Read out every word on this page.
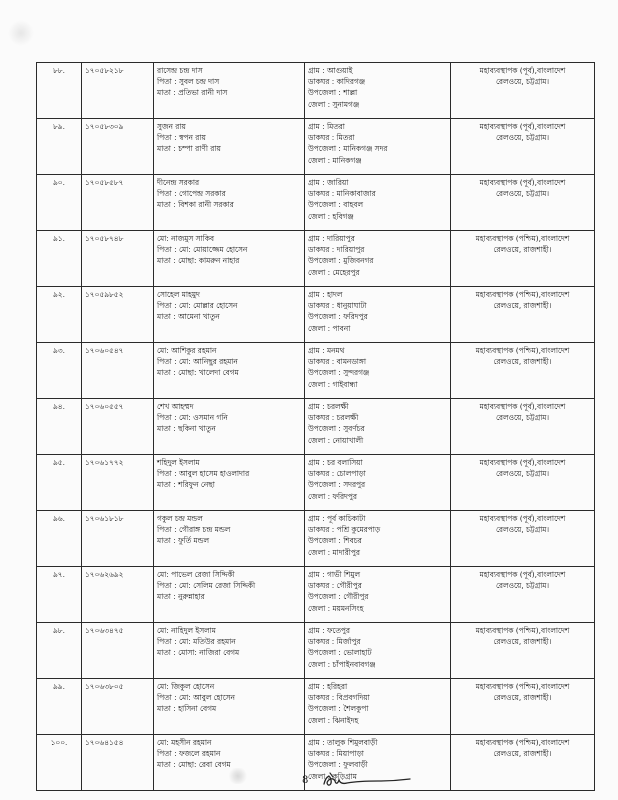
৮৮.	১৭০৫৮২১৮	রাসেন্দ্র চন্দ্র দাস
পিতা : সুবল চন্দ্র দাস
মাতা : প্রতিভা রানী দাস	গ্রাম : আগুয়াই
ডাকঘর : কাদিরগঞ্জ
উপজেলা : শাল্লা
জেলা : সুনামগঞ্জ	মহাব্যবস্থাপক (পূর্ব),বাংলাদেশ
রেলওয়ে, চট্টগ্রাম।

৮৯.	১৭০৫৮৩০৯	সুজন রায়
পিতা : স্বপন রায়
মাতা : চম্পা রাণী রায়	গ্রাম : মিতরা
ডাকঘর : মিতরা
উপজেলা : মানিকগঞ্জ সদর
জেলা : মানিকগঞ্জ	মহাব্যবস্থাপক (পূর্ব),বাংলাদেশ
রেলওয়ে, চট্টগ্রাম।

৯০.	১৭০৫৮৫৮৭	দীনেন্দ্র সরকার
পিতা : গোপেন্দ্র সরকার
মাতা : বিশকা রানী সরকার	গ্রাম : জারিয়া
ডাকঘর : মানিকাবাজার
উপজেলা : বাহবল
জেলা : হবিগঞ্জ	মহাব্যবস্থাপক (পূর্ব),বাংলাদেশ
রেলওয়ে, চট্টগ্রাম।

৯১.	১৭০৫৮৭৪৮	মো: নাজমুস সাকিব
পিতা : মো: মোয়াজ্জেম হোসেন
মাতা : মোছা: কামরুন নাহার	গ্রাম : দারিয়াপুর
ডাকঘর : দারিয়াপুর
উপজেলা : মুজিবনগর
জেলা : মেহেরপুর	মহাব্যবস্থাপক (পশ্চিম),বাংলাদেশ
রেলওয়ে, রাজশাহী।

৯২.	১৭০৫৯৮৫২	সোহেল মাহমুদ
পিতা : মো: মোল্লার হোসেন
মাতা : আমেনা খাতুন	গ্রাম : হাদল
ডাকঘর : ধানুয়াঘাটা
উপজেলা : ফরিদপুর
জেলা : পাবনা	মহাব্যবস্থাপক (পশ্চিম),বাংলাদেশ
রেলওয়ে, রাজশাহী।

৯৩.	১৭০৬০৫৪৭	মো: আশিকুর রহমান
পিতা : মো: আনিছুর রহমান
মাতা : মোছা: খালেদা বেগম	গ্রাম : মনমথ
ডাকঘর : বামনডাঙ্গা
উপজেলা : সুন্দরগঞ্জ
জেলা : গাইবান্ধা	মহাব্যবস্থাপক (পশ্চিম),বাংলাদেশ
রেলওয়ে, রাজশাহী।

৯৪.	১৭০৬০৫৫৭	শেখ আহম্মদ
পিতা : মো: ওসমান গনি
মাতা : ছকিনা খাতুন	গ্রাম : চরলক্ষী
ডাকঘর : চরলক্ষী
উপজেলা : সুবর্ণচর
জেলা : নোয়াখালী	মহাব্যবস্থাপক (পূর্ব),বাংলাদেশ
রেলওয়ে, চট্টগ্রাম।

৯৫.	১৭০৬১৭৭২	শহিদুল ইসলাম
পিতা : আবুল হাসেম হাওলাদার
মাতা : শরিফুন নেছা	গ্রাম : চর বলাসিয়া
ডাকঘর : চোলপাড়া
উপজেলা : সদরপুর
জেলা : ফরিদপুর	মহাব্যবস্থাপক (পূর্ব),বাংলাদেশ
রেলওয়ে, চট্টগ্রাম।

৯৬.	১৭০৬১৮১৮	গকুল চন্দ্র মন্ডল
পিতা : গৌরাঙ্গ চন্দ্র মন্ডল
মাতা : ফুর্তি মন্ডল	গ্রাম : পূর্ব কাচিকাটা
ডাকঘর : পশ্রি কুমেরপাড়
উপজেলা : শিবচর
জেলা : মাদারীপুর	মহাব্যবস্থাপক (পূর্ব),বাংলাদেশ
রেলওয়ে, চট্টগ্রাম।

৯৭.	১৭০৬২৬৯২	মো: পাভেল রেজা সিদ্দিকী
পিতা : মো: সেলিম রেজা সিদ্দিকী
মাতা : নুরুন্নাহার	গ্রাম : গাভী শিমুল
ডাকঘর : গৌরীপুর
উপজেলা : গৌরীপুর
জেলা : ময়মনসিংহ	মহাব্যবস্থাপক (পূর্ব),বাংলাদেশ
রেলওয়ে, চট্টগ্রাম।

৯৮.	১৭০৬৩৪৭৫	মো: নাহিদুল ইসলাম
পিতা : মো: মতিউর রহমান
মাতা : মোসা: নাজিরা বেগম	গ্রাম : ফতেপুর
ডাকঘর : মির্জাপুর
উপজেলা : ভোলাহাট
জেলা : চাঁপাইনবাবগঞ্জ	মহাব্যবস্থাপক (পশ্চিম),বাংলাদেশ
রেলওয়ে, রাজশাহী।

৯৯.	১৭০৬৩৮০৫	মো: জিকুল হোসেন
পিতা : মো: আবুল হোসেন
মাতা : হাসিনা বেগম	গ্রাম : হরিহরা
ডাকঘর : বিপ্রবগদিয়া
উপজেলা : শৈলকুপা
জেলা : ঝিনাইদহ	মহাব্যবস্থাপক (পশ্চিম),বাংলাদেশ
রেলওয়ে, রাজশাহী।

১০০.	১৭০৬৪১৫৪	মো: মহসীন রহমান
পিতা : ফজলে রহমান
মাতা : মোছা: রেবা বেগম	গ্রাম : তালুক শিমুলবাড়ী
ডাকঘর : মিয়াপাড়া
উপজেলা : ফুলবাড়ী
জেলা : কুড়িগ্রাম	মহাব্যবস্থাপক (পশ্চিম),বাংলাদেশ
রেলওয়ে, রাজশাহী।
8
